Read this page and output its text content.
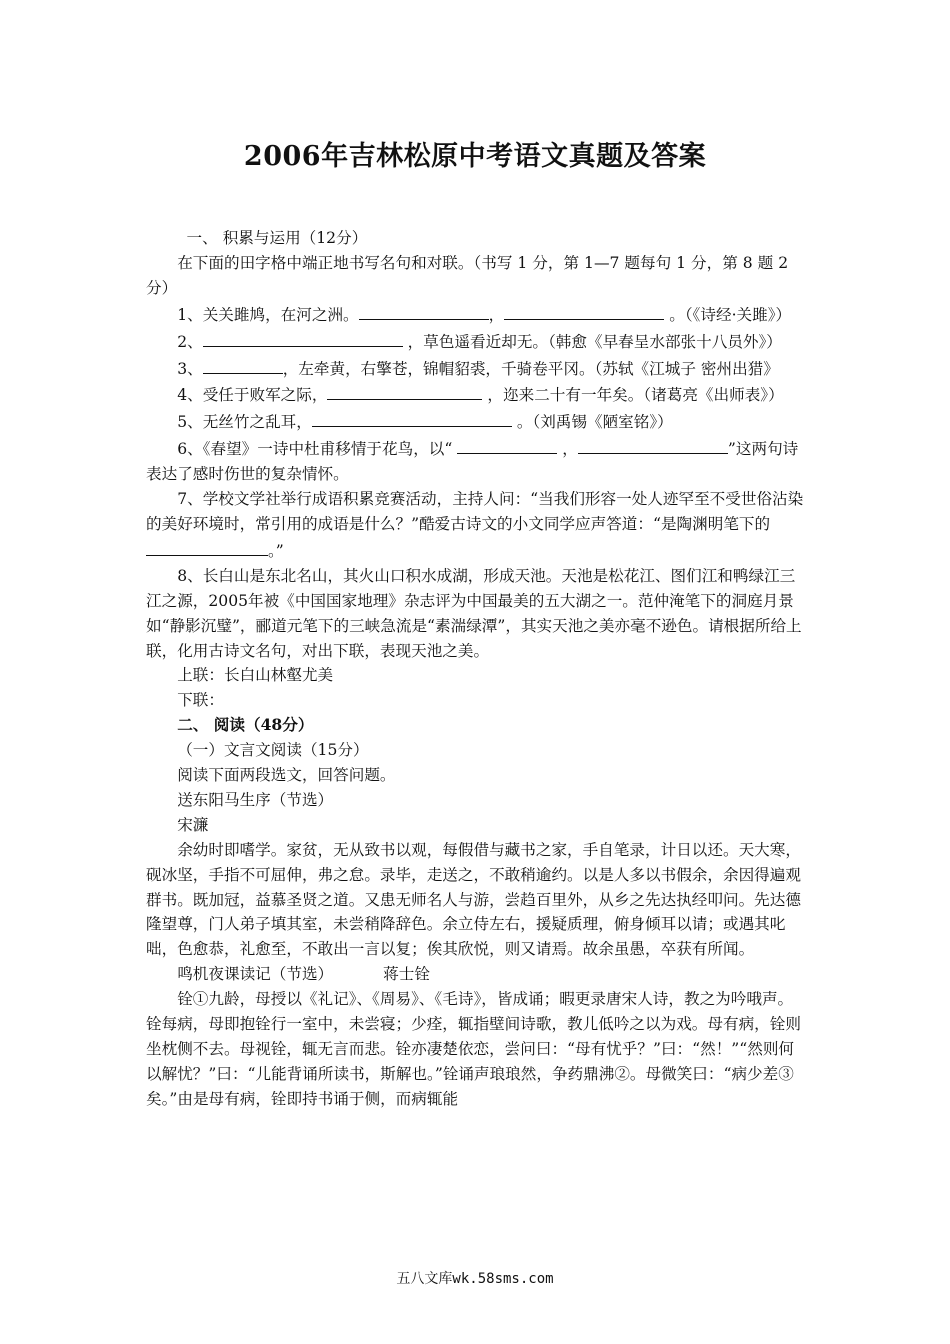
2006年吉林松原中考语文真题及答案

一、 积累与运用（12分）

在下面的田字格中端正地书写名句和对联。（书写 1 分，第 1—7 题每句 1 分，第 8 题 2 分）

1、关关雎鸠，在河之洲。	，	。（《诗经·关雎》）

2、	，草色遥看近却无。（韩愈《早春呈水部张十八员外》）

3、	，左牵黄，右擎苍，锦帽貂裘，千骑卷平冈。（苏轼《江城子 密州出猎》

4、受任于败军之际，	，迩来二十有一年矣。（诸葛亮《出师表》）

5、无丝竹之乱耳，	。（刘禹锡《陋室铭》）

6、《春望》一诗中杜甫移情于花鸟，以“	，	”这两句诗表达了感时伤世的复杂情怀。

7、学校文学社举行成语积累竞赛活动，主持人问：“当我们形容一处人迹罕至不受世俗沾染的美好环境时，常引用的成语是什么？”酷爱古诗文的小文同学应声答道：“是陶渊明笔下的 。”

8、长白山是东北名山，其火山口积水成湖，形成天池。天池是松花江、图们江和鸭绿江三江之源，2005年被《中国国家地理》杂志评为中国最美的五大湖之一。范仲淹笔下的洞庭月景如“静影沉璧”，郦道元笔下的三峡急流是“素湍绿潭”，其实天池之美亦毫不逊色。请根据所给上联，化用古诗文名句，对出下联，表现天池之美。

上联：长白山林壑尤美

下联：

二、 阅读（48分）

（一）文言文阅读（15分）

阅读下面两段选文，回答问题。

送东阳马生序（节选）

宋濂

余幼时即嗜学。家贫，无从致书以观，每假借与藏书之家，手自笔录，计日以还。天大寒，砚冰坚，手指不可屈伸，弗之怠。录毕，走送之，不敢稍逾约。以是人多以书假余，余因得遍观群书。既加冠，益慕圣贤之道。又患无师名人与游，尝趋百里外，从乡之先达执经叩问。先达德隆望尊，门人弟子填其室，未尝稍降辞色。余立侍左右，援疑质理，俯身倾耳以请；或遇其叱咄，色愈恭，礼愈至，不敢出一言以复；俟其欣悦，则又请焉。故余虽愚，卒获有所闻。

鸣机夜课读记（节选）	蒋士铨

铨①九龄，母授以《礼记》、《周易》、《毛诗》，皆成诵；暇更录唐宋人诗，教之为吟哦声。铨每病，母即抱铨行一室中，未尝寝；少痊，辄指壁间诗歌，教儿低吟之以为戏。母有病，铨则坐枕侧不去。母视铨，辄无言而悲。铨亦凄楚依恋，尝问曰：“母有忧乎？”曰：“然！”“然则何以解忧？”曰：“儿能背诵所读书，斯解也。”铨诵声琅琅然，争药鼎沸②。母微笑曰：“病少差③矣。”由是母有病，铨即持书诵于侧，而病辄能

五八文库wk.58sms.com
